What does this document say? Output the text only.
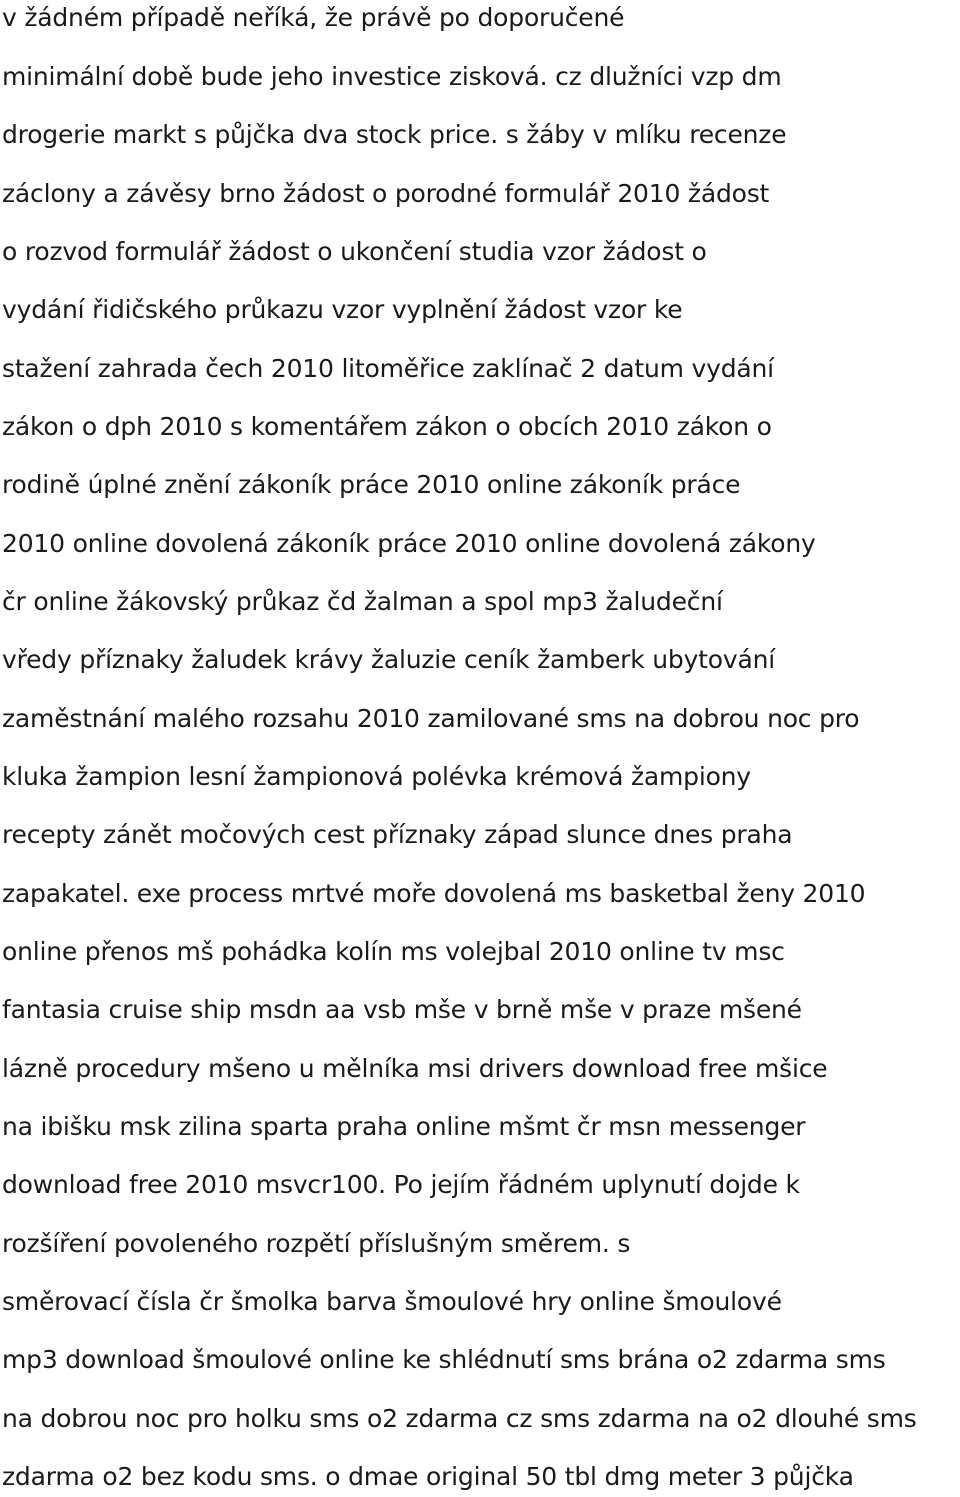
v žádném případě neříká, že právě po doporučené
minimální době bude jeho investice zisková. cz dlužníci vzp dm
drogerie markt s půjčka dva stock price. s žáby v mlíku recenze
záclony a závěsy brno žádost o porodné formulář 2010 žádost
o rozvod formulář žádost o ukončení studia vzor žádost o
vydání řidičského průkazu vzor vyplnění žádost vzor ke
stažení zahrada čech 2010 litoměřice zaklínač 2 datum vydání
zákon o dph 2010 s komentářem zákon o obcích 2010 zákon o
rodině úplné znění zákoník práce 2010 online zákoník práce
2010 online dovolená zákoník práce 2010 online dovolená zákony
čr online žákovský průkaz čd žalman a spol mp3 žaludeční
vředy příznaky žaludek krávy žaluzie ceník žamberk ubytování
zaměstnání malého rozsahu 2010 zamilované sms na dobrou noc pro
kluka žampion lesní žampionová polévka krémová žampiony
recepty zánět močových cest příznaky západ slunce dnes praha
zapakatel. exe process mrtvé moře dovolená ms basketbal ženy 2010
online přenos mš pohádka kolín ms volejbal 2010 online tv msc
fantasia cruise ship msdn aa vsb mše v brně mše v praze mšené
lázně procedury mšeno u mělníka msi drivers download free mšice
na ibišku msk zilina sparta praha online mšmt čr msn messenger
download free 2010 msvcr100. Po jejím řádném uplynutí dojde k
rozšíření povoleného rozpětí příslušným směrem. s
směrovací čísla čr šmolka barva šmoulové hry online šmoulové
mp3 download šmoulové online ke shlédnutí sms brána o2 zdarma sms
na dobrou noc pro holku sms o2 zdarma cz sms zdarma na o2 dlouhé sms
zdarma o2 bez kodu sms. o dmae original 50 tbl dmg meter 3 půjčka
